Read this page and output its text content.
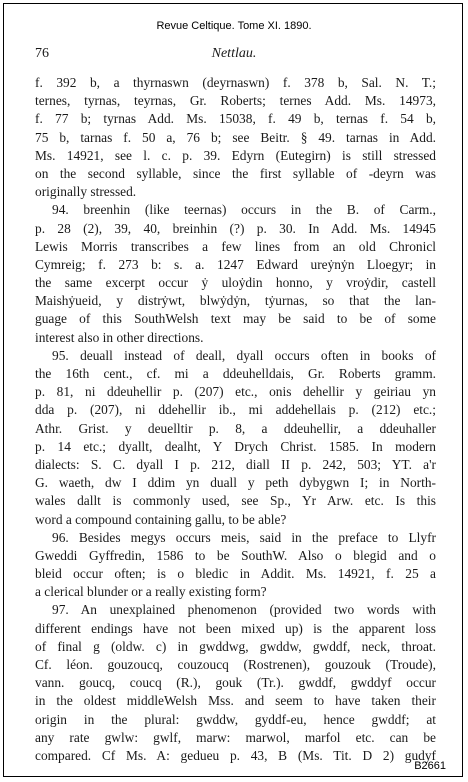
Revue Celtique. Tome XI. 1890.
76	Nettlau.
f. 392 b, a thyrnaswn (deyrnaswn) f. 378 b, Sal. N. T.;
ternes, tyrnas, teyrnas, Gr. Roberts; ternes Add. Ms. 14973,
f. 77 b; tyrnas Add. Ms. 15038, f. 49 b, ternas f. 54 b,
75 b, tarnas f. 50 a, 76 b; see Beitr. § 49. tarnas in Add.
Ms. 14921, see l. c. p. 39. Edyrn (Eutegirn) is still stressed
on the second syllable, since the first syllable of -deyrn was
originally stressed.
94. breenhin (like teernas) occurs in the B. of Carm.,
p. 28 (2), 39, 40, breinhin (?) p. 30. In Add. Ms. 14945
Lewis Morris transcribes a few lines from an old Chronicl
Cymreig; f. 273 b: s. a. 1247 Edward ureẏnẏn Lloegyr; in
the same excerpt occur ẏ uloẏdin honno, y vroẏdir, castell
Maishẏueid, y distrẏwt, blwẏdẏn, tẏurnas, so that the lan-
guage of this SouthWelsh text may be said to be of some
interest also in other directions.
95. deuall instead of deall, dyall occurs often in books of
the 16th cent., cf. mi a ddeuhelldais, Gr. Roberts gramm.
p. 81, ni ddeuhellir p. (207) etc., onis dehellir y geiriau yn
dda p. (207), ni ddehellir ib., mi addehellais p. (212) etc.;
Athr. Grist. y deuelltir p. 8, a ddeuhellir, a ddeuhaller
p. 14 etc.; dyallt, dealht, Y Drych Christ. 1585. In modern
dialects: S. C. dyall I p. 212, diall II p. 242, 503; YT. a'r
G. waeth, dw I ddim yn duall y peth dybygwn I; in North-
wales dallt is commonly used, see Sp., Yr Arw. etc. Is this
word a compound containing gallu, to be able?
96. Besides megys occurs meis, said in the preface to Llyfr
Gweddi Gyffredin, 1586 to be SouthW. Also o blegid and o
bleid occur often; is o bledic in Addit. Ms. 14921, f. 25 a
a clerical blunder or a really existing form?
97. An unexplained phenomenon (provided two words with
different endings have not been mixed up) is the apparent loss
of final g (oldw. c) in gwddwg, gwddw, gwddf, neck, throat.
Cf. léon. gouzoucq, couzoucq (Rostrenen), gouzouk (Troude),
vann. goucq, coucq (R.), gouk (Tr.). gwddf, gwddyf occur
in the oldest middleWelsh Mss. and seem to have taken their
origin in the plural: gwddw, gyddf-eu, hence gwddf; at
any rate gwlw: gwlf, marw: marwol, marfol etc. can be
compared. Cf Ms. A: gedueu p. 43, B (Ms. Tit. D 2) gudyf
B2661
